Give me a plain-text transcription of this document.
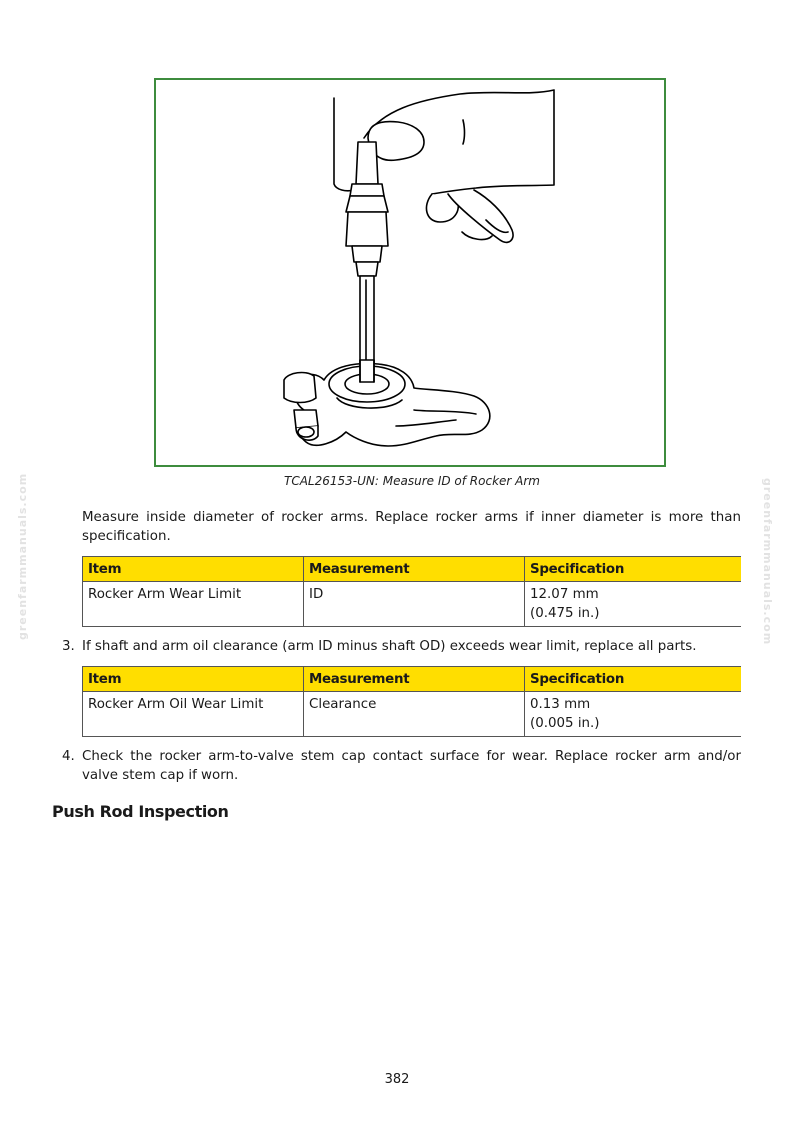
TCAL26153-UN: Measure ID of Rocker Arm
greenfarmmanuals.com	greenfarmmanuals.com

Measure inside diameter of rocker arms. Replace rocker arms if inner diameter is more than specification.

Item	Measurement	Specification
Rocker Arm Wear Limit	ID	12.07 mm
(0.475 in.)
3. If shaft and arm oil clearance (arm ID minus shaft OD) exceeds wear limit, replace all parts.
Item	Measurement	Specification
Rocker Arm Oil Wear Limit	Clearance	0.13 mm
(0.005 in.)
4. Check the rocker arm-to-valve stem cap contact surface for wear. Replace rocker arm and/or valve stem cap if worn.
Push Rod Inspection
382
